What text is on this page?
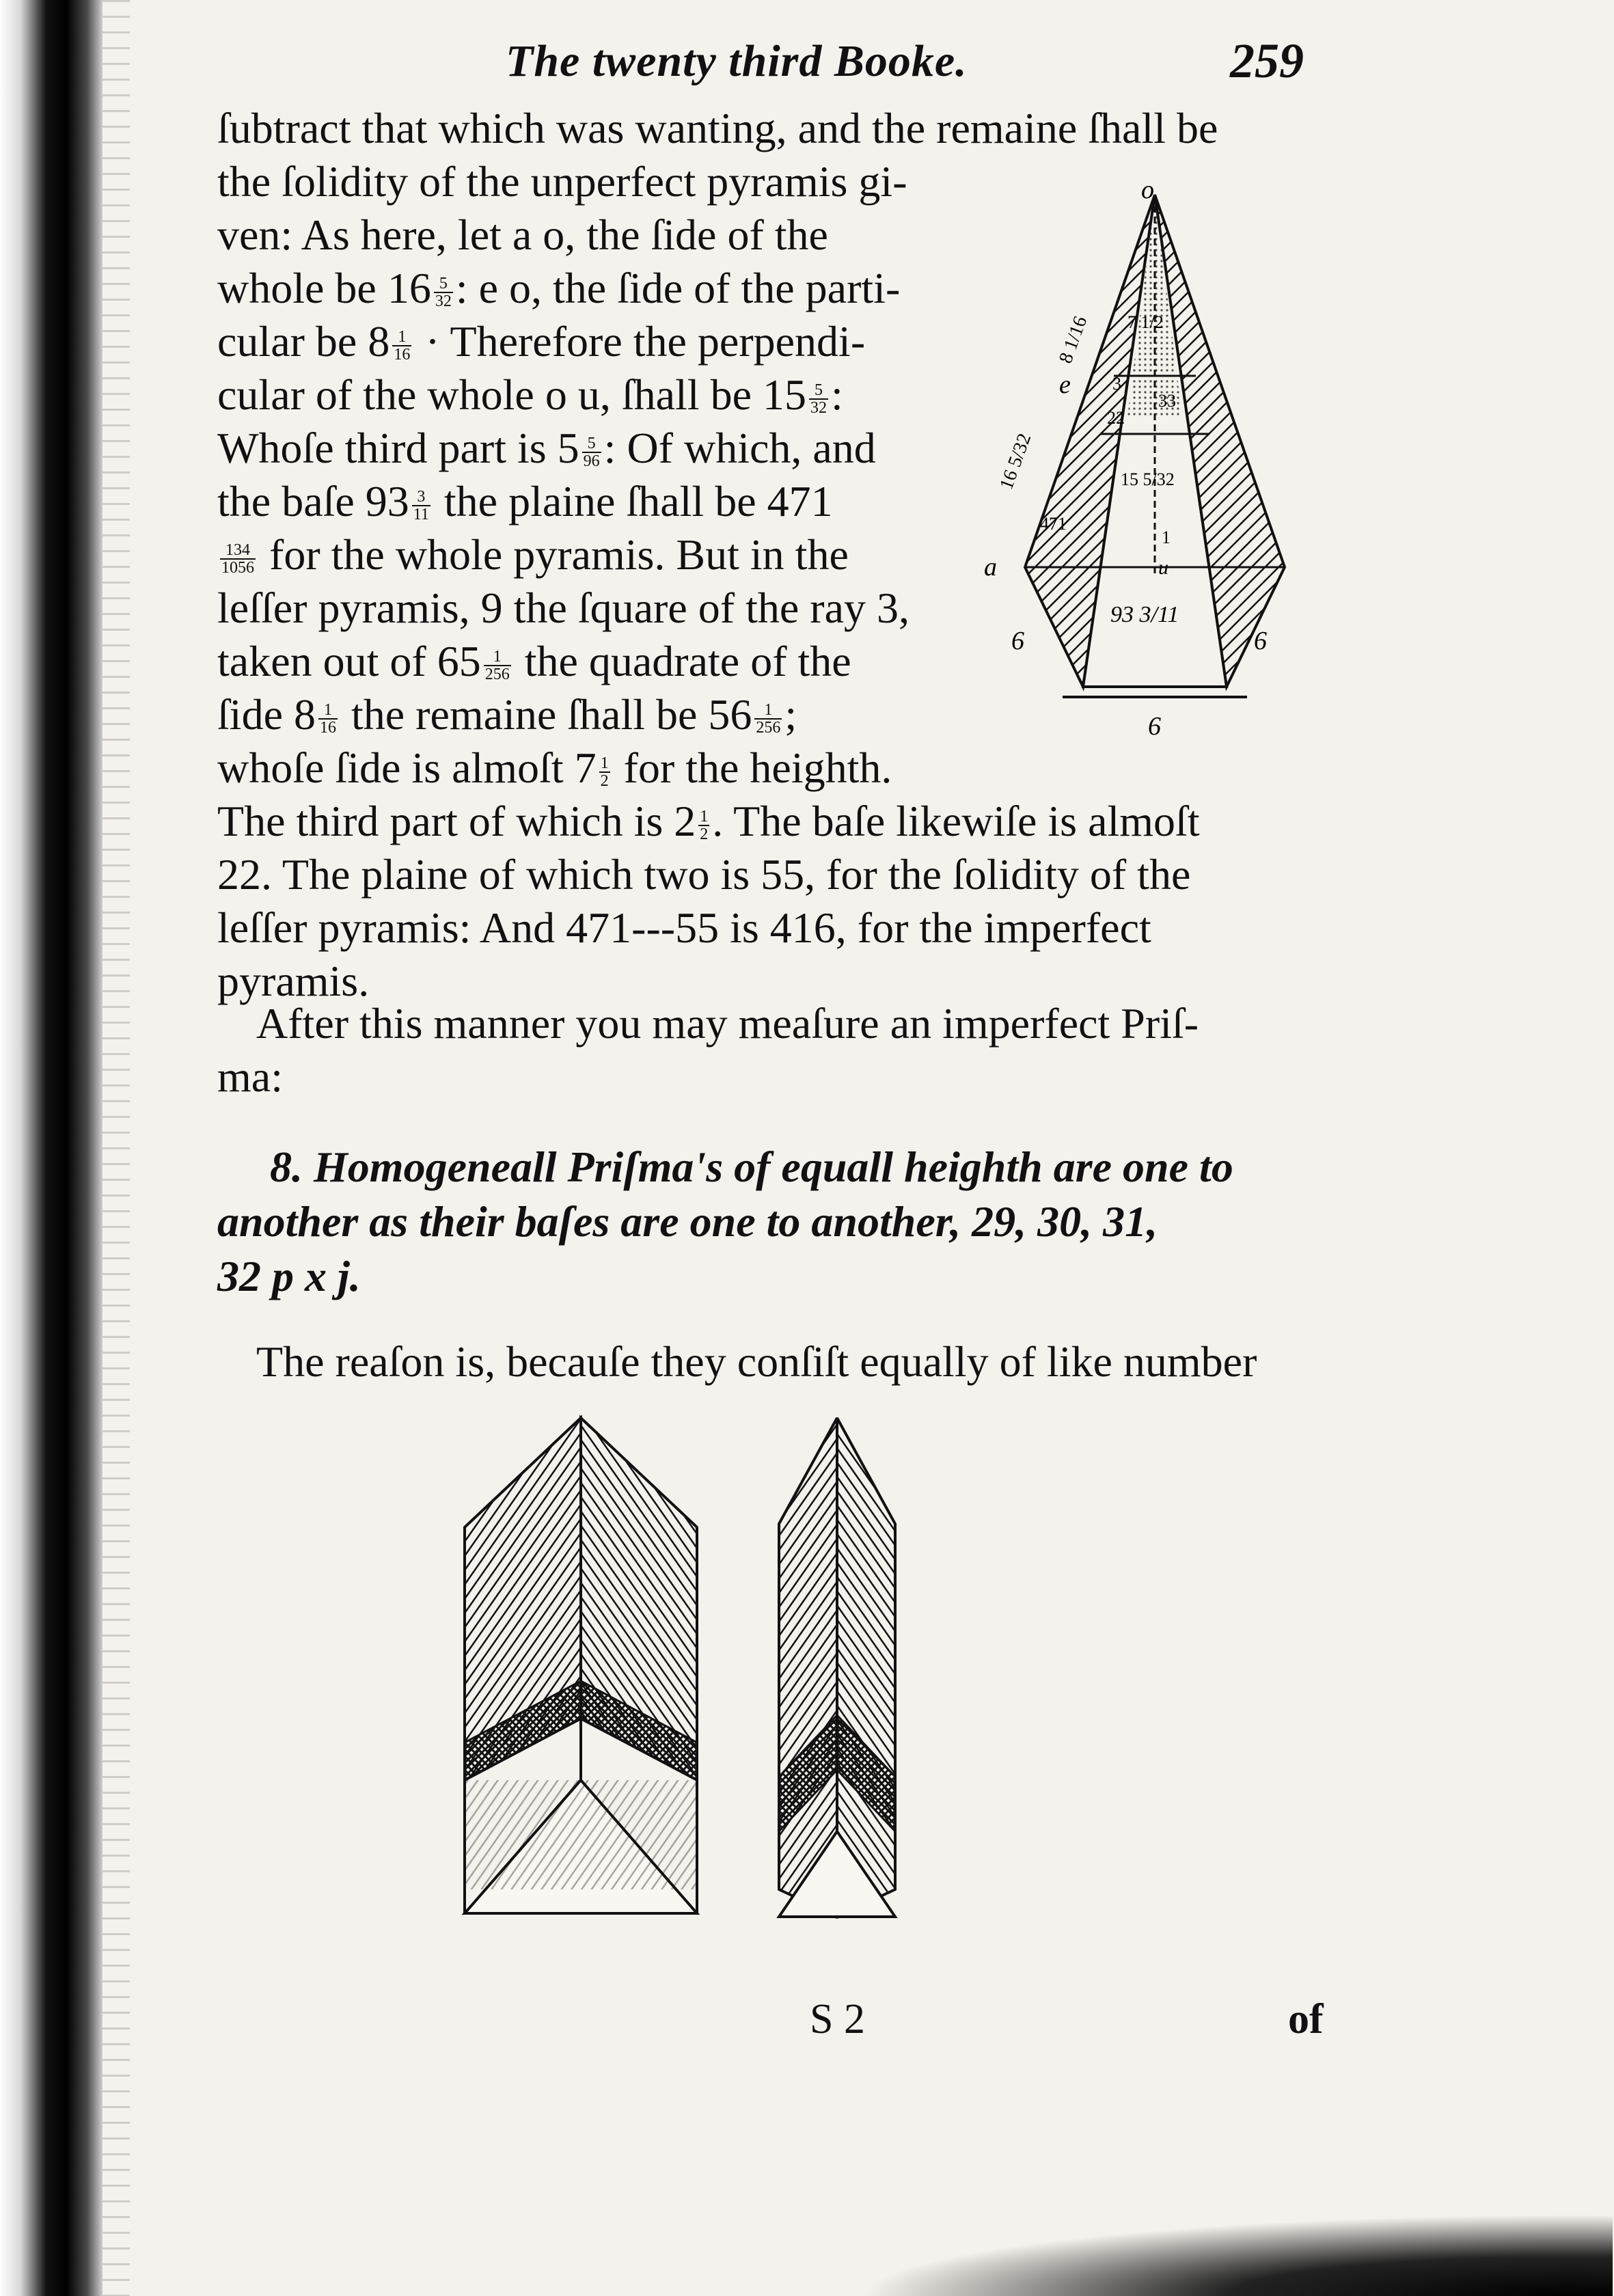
The twenty third Booke.	259
ſubtract that which was wanting, and the remaine ſhall be
the ſolidity of the unperfect pyramis gi-
ven: As here, let a o, the ſide of the
whole be $16 \frac{5}{32}$ : e o, the ſide of the parti-
cular be $8 \frac{1}{16}$ · Therefore the perpendi-
cular of the whole o u, ſhall be $15 \frac{5}{32}$ :
Whoſe third part is $5 \frac{5}{96}$ : Of which, and
the baſe $93 \frac{3}{11}$ the plaine ſhall be 471
$\frac{134}{1056}$ for the whole pyramis. But in the
leſſer pyramis, 9 the ſquare of the ray 3,
taken out of $65 \frac{1}{256}$ the quadrate of the
ſide $8 \frac{1}{16}$ the remaine ſhall be $56 \frac{1}{256}$ ;
whoſe ſide is almoſt $7 \frac{1}{2}$ for the heighth.
The third part of which is $2 \frac{1}{2}$ . The baſe likewiſe is almoſt
22. The plaine of which two is 55, for the ſolidity of the
leſſer pyramis: And 471---55 is 416, for the imperfect
pyramis.
After this manner you may meaſure an imperfect Priſ-
ma:
8. Homogeneall Priſma's of equall heighth are one to
another as their baſes are one to another, 29, 30, 31,
32 p x j.
The reaſon is, becauſe they conſiſt equally of like number
o
a
e
u
16 5/32
8 1/16 7 1/2
3
22
33
15 5/32
471
1
6	6
6
93 3/11
S 2	of
